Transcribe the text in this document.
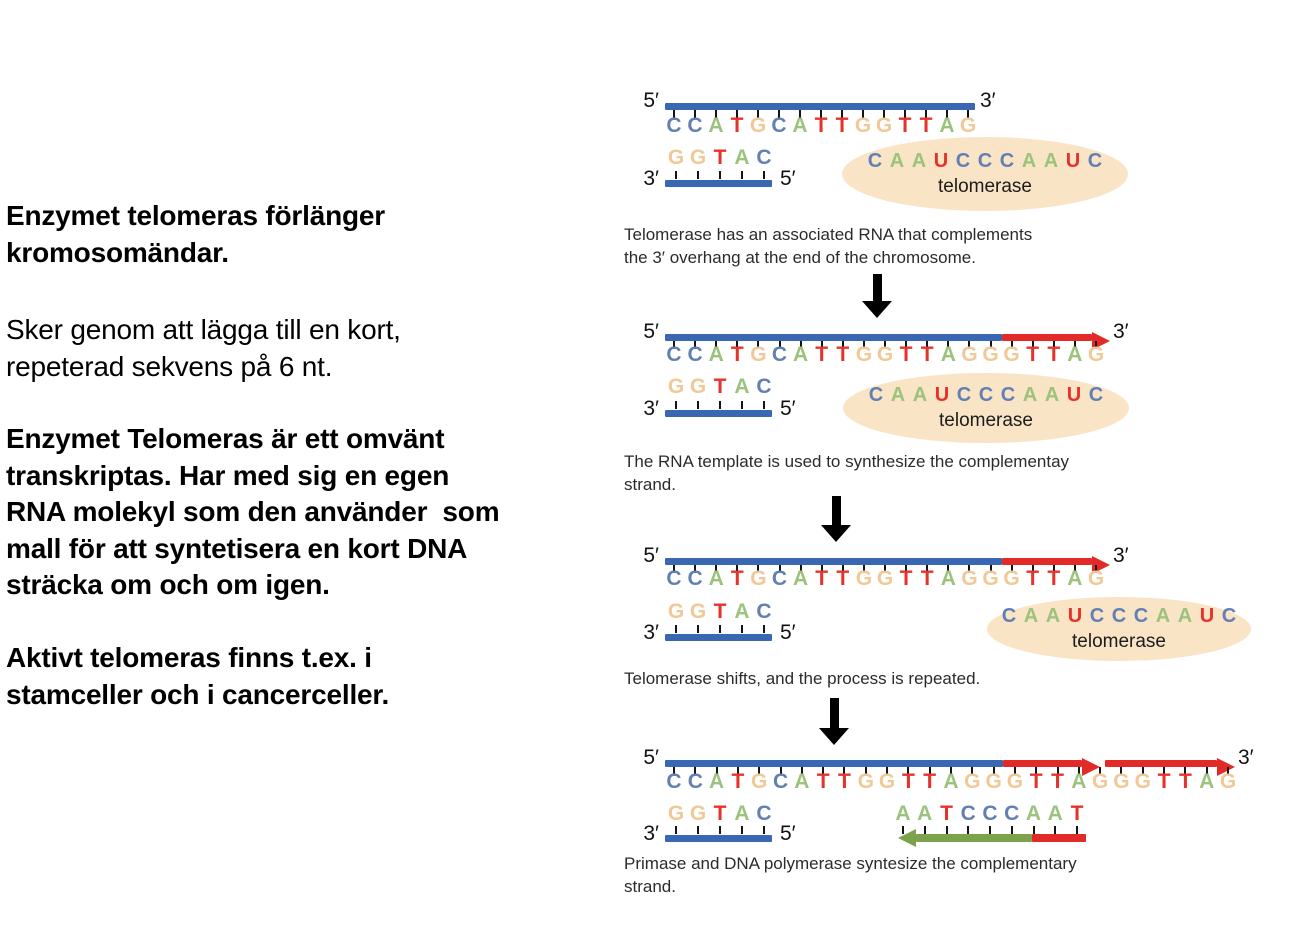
Enzymet telomeras förlänger
kromosomändar.
Sker genom att lägga till en kort,
repeterad sekvens på 6 nt.
Enzymet Telomeras är ett omvänt
transkriptas. Har med sig en egen
RNA molekyl som den använder  som
mall för att syntetisera en kort DNA
sträcka om och om igen.
Aktivt telomeras finns t.ex. i
stamceller och i cancerceller.
C A A U C C C A A U C
telomerase
5′	3′
C C A T G C A T T G G T T A G
3′
G G T A C
5′
Telomerase has an associated RNA that complements
the 3′ overhang at the end of the chromosome.
C A A U C C C A A U C
telomerase
5′	3′
C C A T G C A T T G G T T A G G G T T A G
3′
G G T A C
5′
The RNA template is used to synthesize the complementay
strand.
C A A U C C C A A U C
telomerase
5′	3′
C C A T G C A T T G G T T A G G G T T A G
3′
G G T A C
5′
Telomerase shifts, and the process is repeated.
5′	3′
C C A T G C A T T G G T T A G G G T T A G G G T T A G
3′
G G T A C
5′
A A T C C C A A T
Primase and DNA polymerase syntesize the complementary
strand.
